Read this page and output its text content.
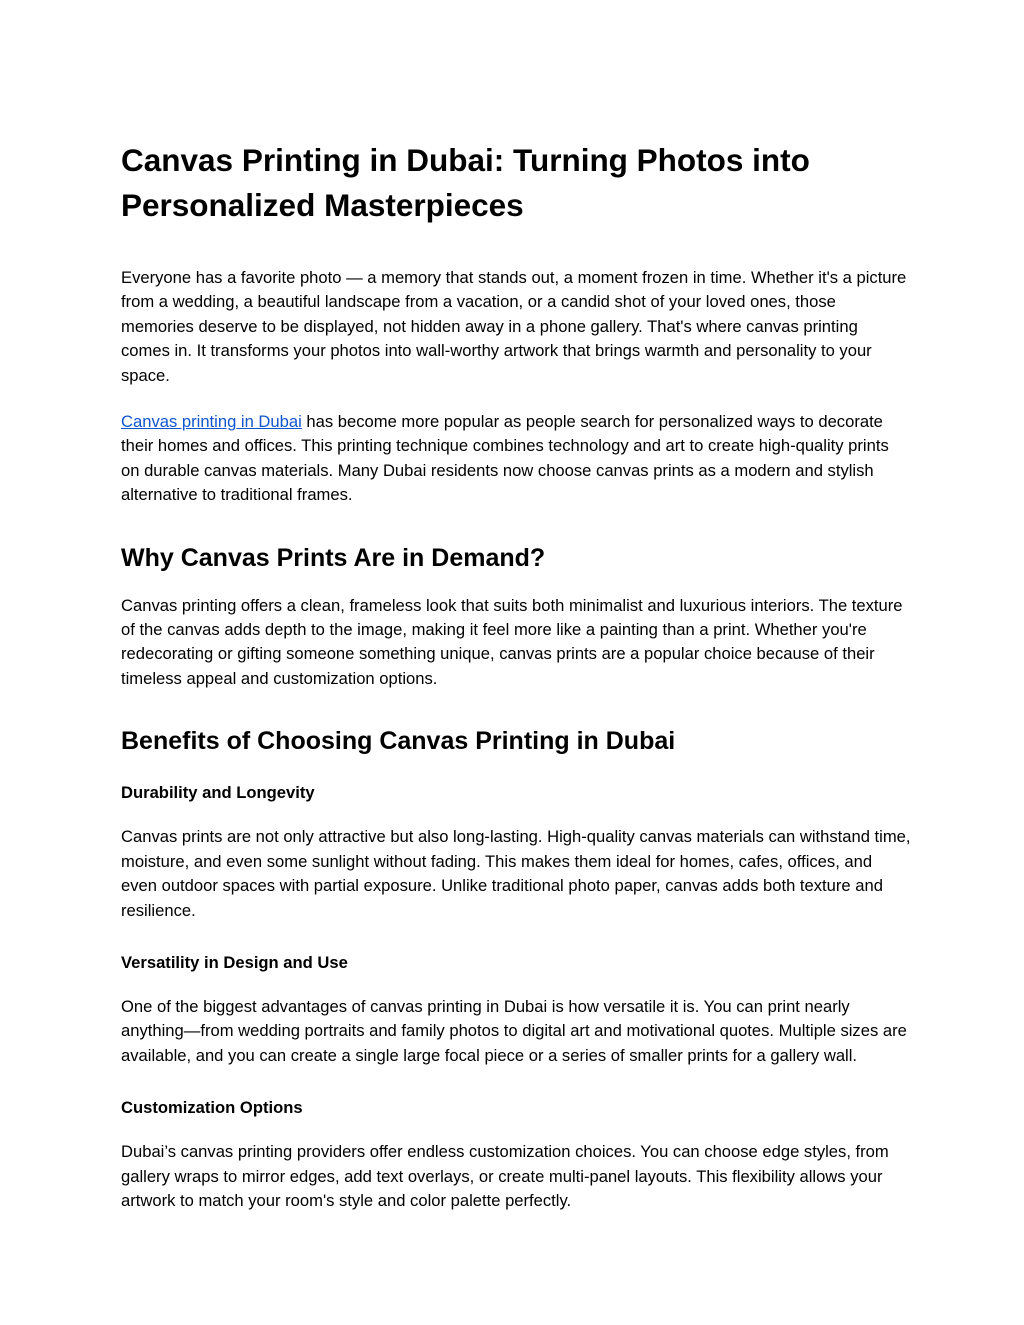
Canvas Printing in Dubai: Turning Photos into Personalized Masterpieces

Everyone has a favorite photo — a memory that stands out, a moment frozen in time. Whether it's a picture from a wedding, a beautiful landscape from a vacation, or a candid shot of your loved ones, those memories deserve to be displayed, not hidden away in a phone gallery. That's where canvas printing comes in. It transforms your photos into wall-worthy artwork that brings warmth and personality to your space.

Canvas printing in Dubai has become more popular as people search for personalized ways to decorate their homes and offices. This printing technique combines technology and art to create high-quality prints on durable canvas materials. Many Dubai residents now choose canvas prints as a modern and stylish alternative to traditional frames.

Why Canvas Prints Are in Demand?

Canvas printing offers a clean, frameless look that suits both minimalist and luxurious interiors. The texture of the canvas adds depth to the image, making it feel more like a painting than a print. Whether you're redecorating or gifting someone something unique, canvas prints are a popular choice because of their timeless appeal and customization options.

Benefits of Choosing Canvas Printing in Dubai
Durability and Longevity

Canvas prints are not only attractive but also long-lasting. High-quality canvas materials can withstand time, moisture, and even some sunlight without fading. This makes them ideal for homes, cafes, offices, and even outdoor spaces with partial exposure. Unlike traditional photo paper, canvas adds both texture and resilience.

Versatility in Design and Use

One of the biggest advantages of canvas printing in Dubai is how versatile it is. You can print nearly anything—from wedding portraits and family photos to digital art and motivational quotes. Multiple sizes are available, and you can create a single large focal piece or a series of smaller prints for a gallery wall.

Customization Options

Dubai’s canvas printing providers offer endless customization choices. You can choose edge styles, from gallery wraps to mirror edges, add text overlays, or create multi-panel layouts. This flexibility allows your artwork to match your room's style and color palette perfectly.
